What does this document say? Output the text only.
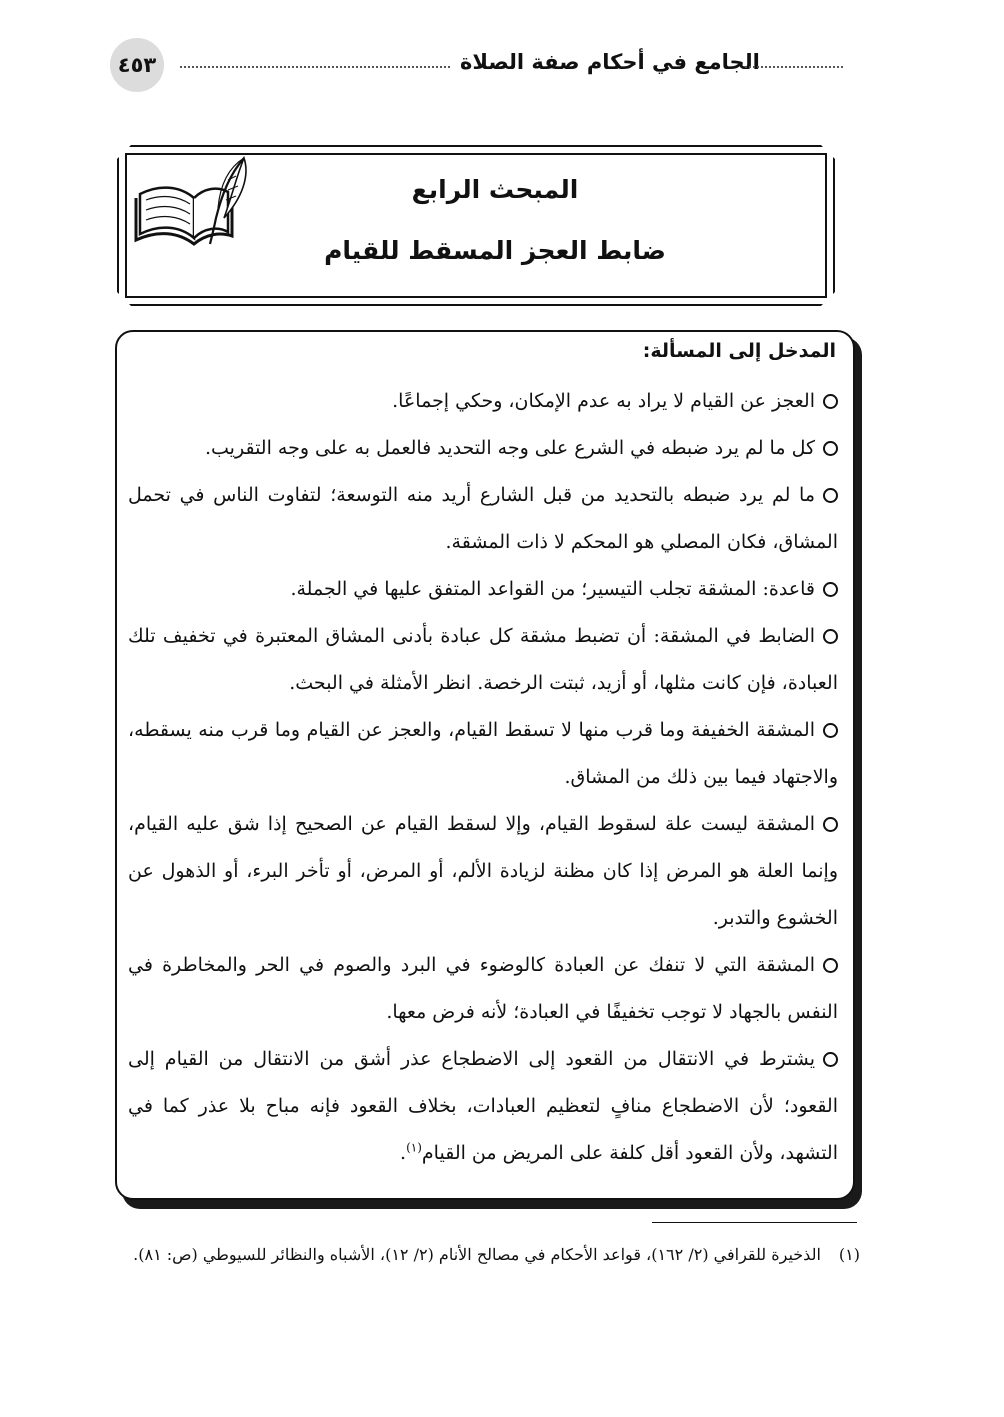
٤٥٣	الجامع في أحكام صفة الصلاة
المبحث الرابع
ضابط العجز المسقط للقيام
المدخل إلى المسألة:

العجز عن القيام لا يراد به عدم الإمكان، وحكي إجماعًا.

كل ما لم يرد ضبطه في الشرع على وجه التحديد فالعمل به على وجه التقريب.

ما لم يرد ضبطه بالتحديد من قبل الشارع أريد منه التوسعة؛ لتفاوت الناس في تحمل المشاق، فكان المصلي هو المحكم لا ذات المشقة.

قاعدة: المشقة تجلب التيسير؛ من القواعد المتفق عليها في الجملة.

الضابط في المشقة: أن تضبط مشقة كل عبادة بأدنى المشاق المعتبرة في تخفيف تلك العبادة، فإن كانت مثلها، أو أزيد، ثبتت الرخصة. انظر الأمثلة في البحث.

المشقة الخفيفة وما قرب منها لا تسقط القيام، والعجز عن القيام وما قرب منه يسقطه، والاجتهاد فيما بين ذلك من المشاق.

المشقة ليست علة لسقوط القيام، وإلا لسقط القيام عن الصحيح إذا شق عليه القيام، وإنما العلة هو المرض إذا كان مظنة لزيادة الألم، أو المرض، أو تأخر البرء، أو الذهول عن الخشوع والتدبر.

المشقة التي لا تنفك عن العبادة كالوضوء في البرد والصوم في الحر والمخاطرة في النفس بالجهاد لا توجب تخفيفًا في العبادة؛ لأنه فرض معها.

يشترط في الانتقال من القعود إلى الاضطجاع عذر أشق من الانتقال من القيام إلى القعود؛ لأن الاضطجاع منافٍ لتعظيم العبادات، بخلاف القعود فإنه مباح بلا عذر كما في التشهد، ولأن القعود أقل كلفة على المريض من القيام$^{(١)}$.

(١)الذخيرة للقرافي (٢/ ١٦٢)، قواعد الأحكام في مصالح الأنام (٢/ ١٢)، الأشباه والنظائر للسيوطي (ص: ٨١).
